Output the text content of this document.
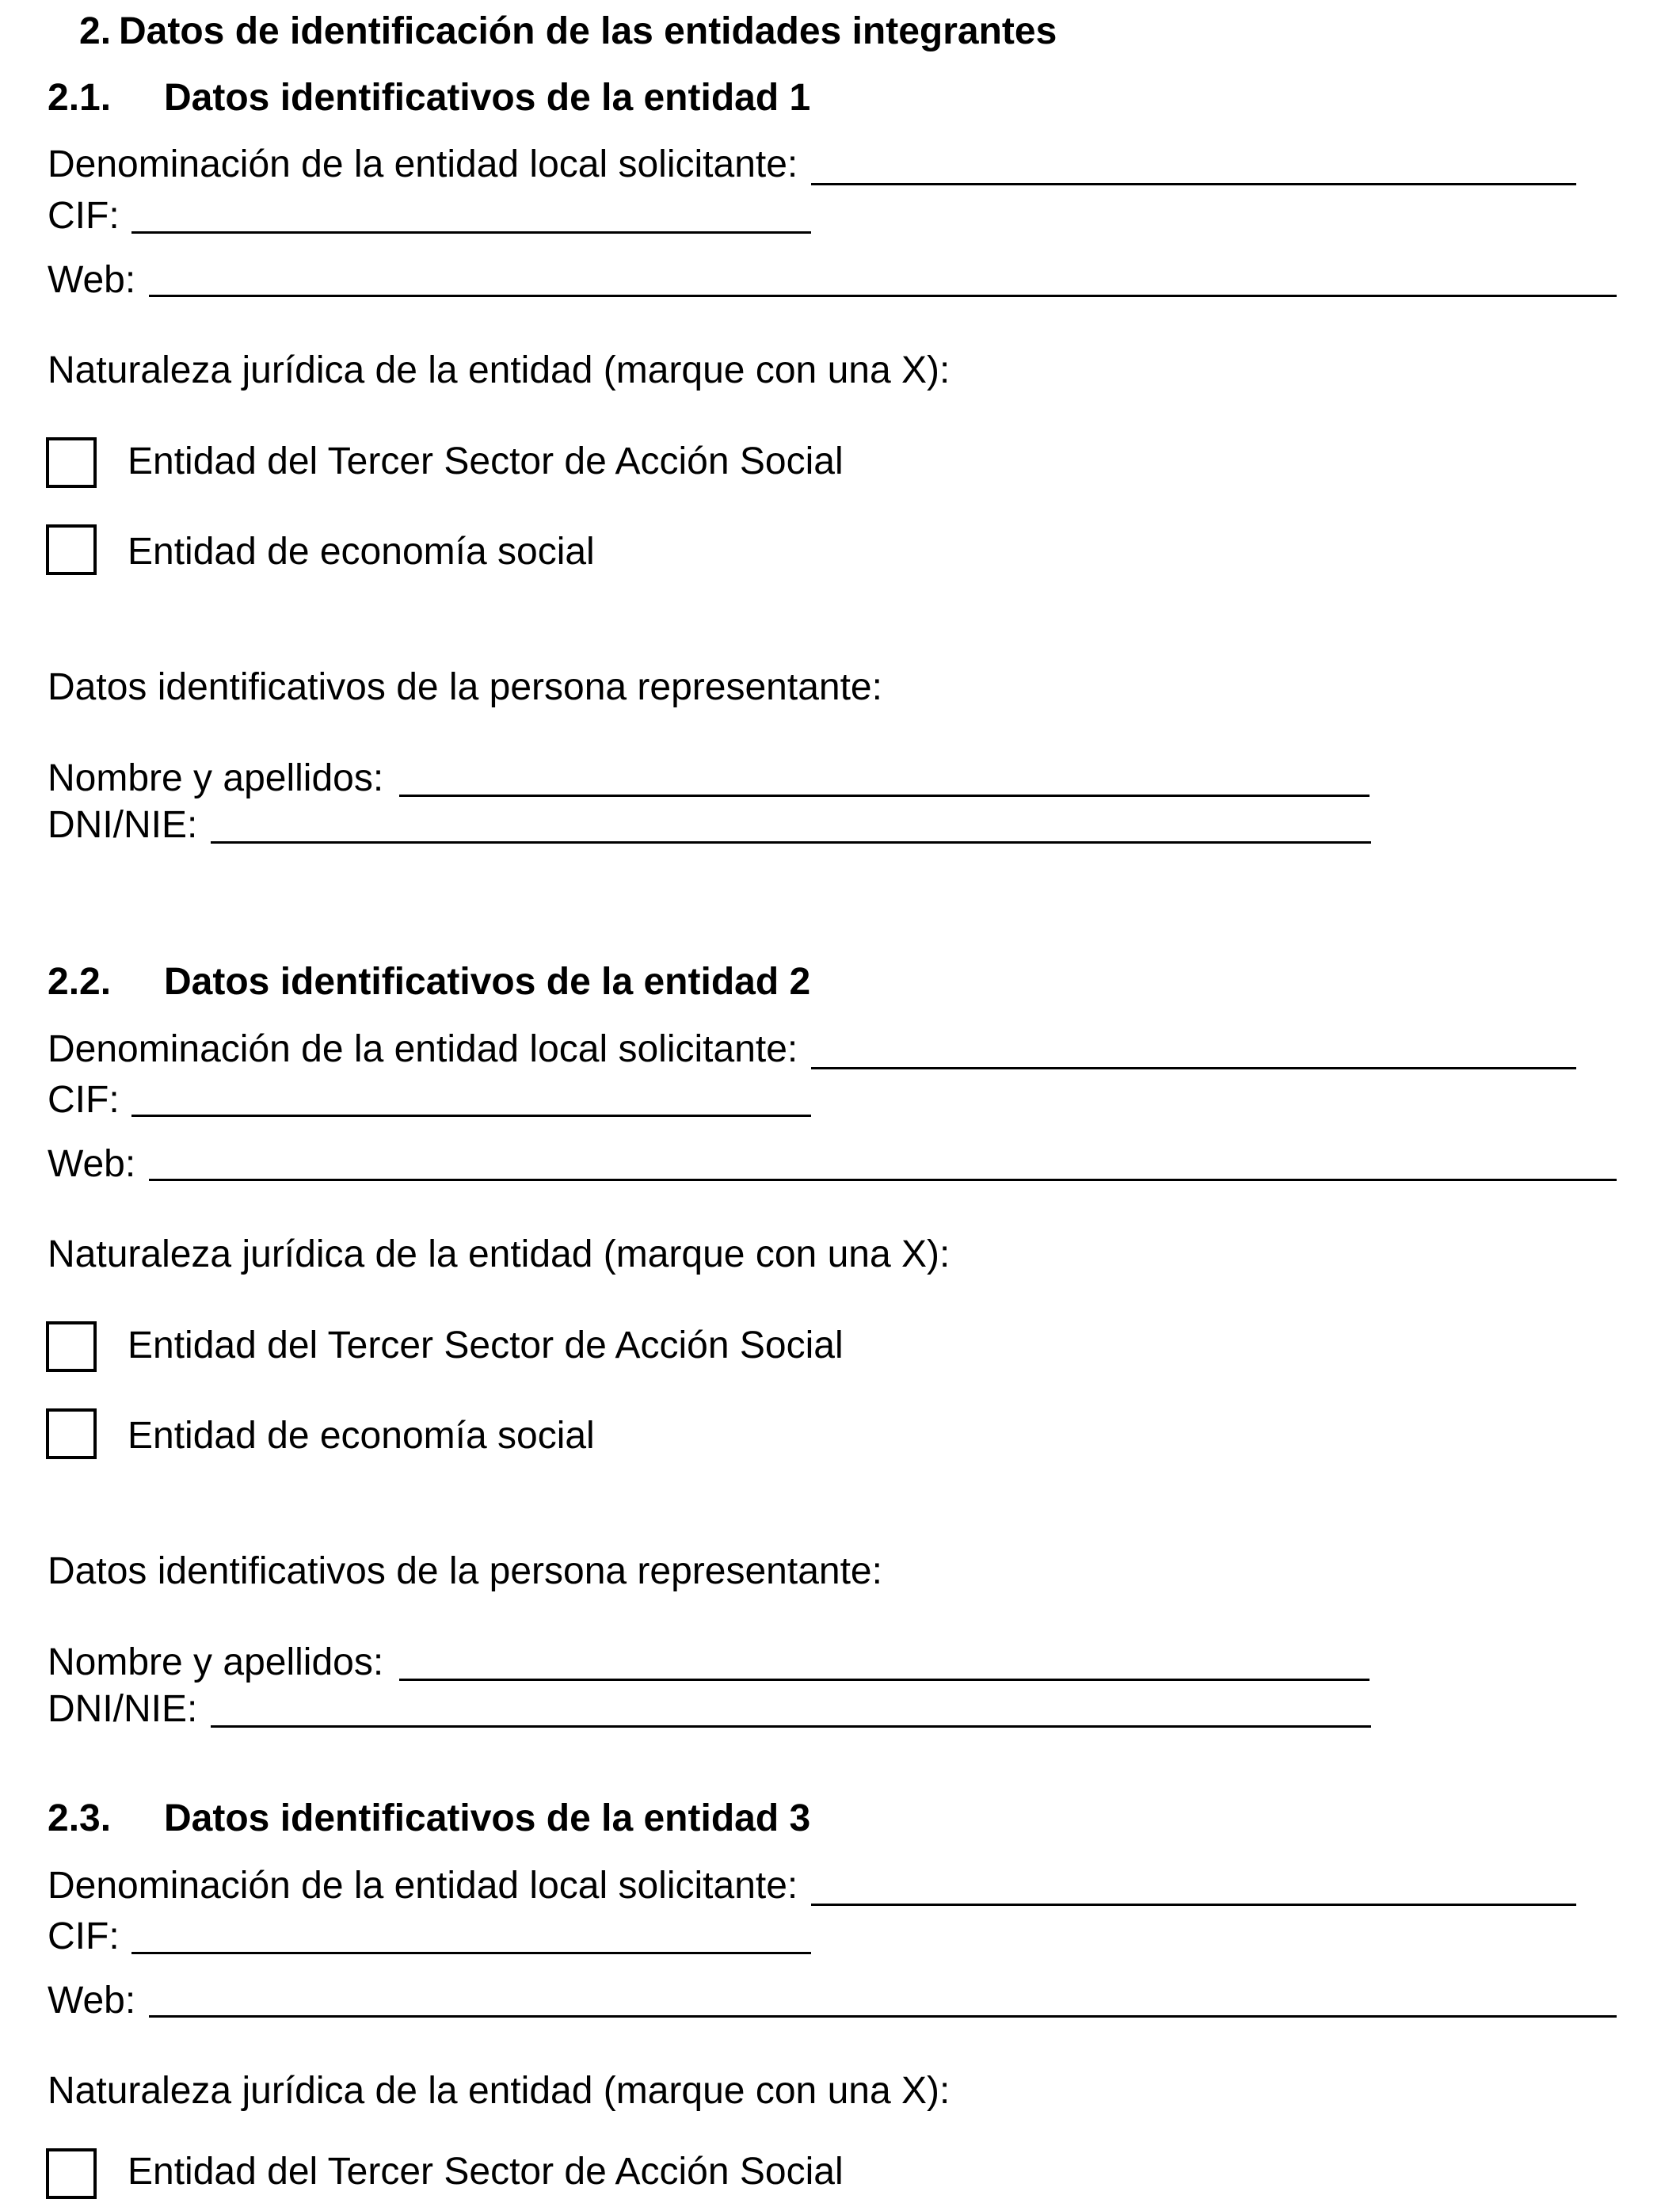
2. Datos de identificación de las entidades integrantes
2.1. Datos identificativos de la entidad 1
Denominación de la entidad local solicitante:
CIF:
Web:
Naturaleza jurídica de la entidad (marque con una X):
Entidad del Tercer Sector de Acción Social
Entidad de economía social
Datos identificativos de la persona representante:
Nombre y apellidos:
DNI/NIE:
2.2. Datos identificativos de la entidad 2
Denominación de la entidad local solicitante:
CIF:
Web:
Naturaleza jurídica de la entidad (marque con una X):
Entidad del Tercer Sector de Acción Social
Entidad de economía social
Datos identificativos de la persona representante:
Nombre y apellidos:
DNI/NIE:
2.3. Datos identificativos de la entidad 3
Denominación de la entidad local solicitante:
CIF:
Web:
Naturaleza jurídica de la entidad (marque con una X):
Entidad del Tercer Sector de Acción Social
